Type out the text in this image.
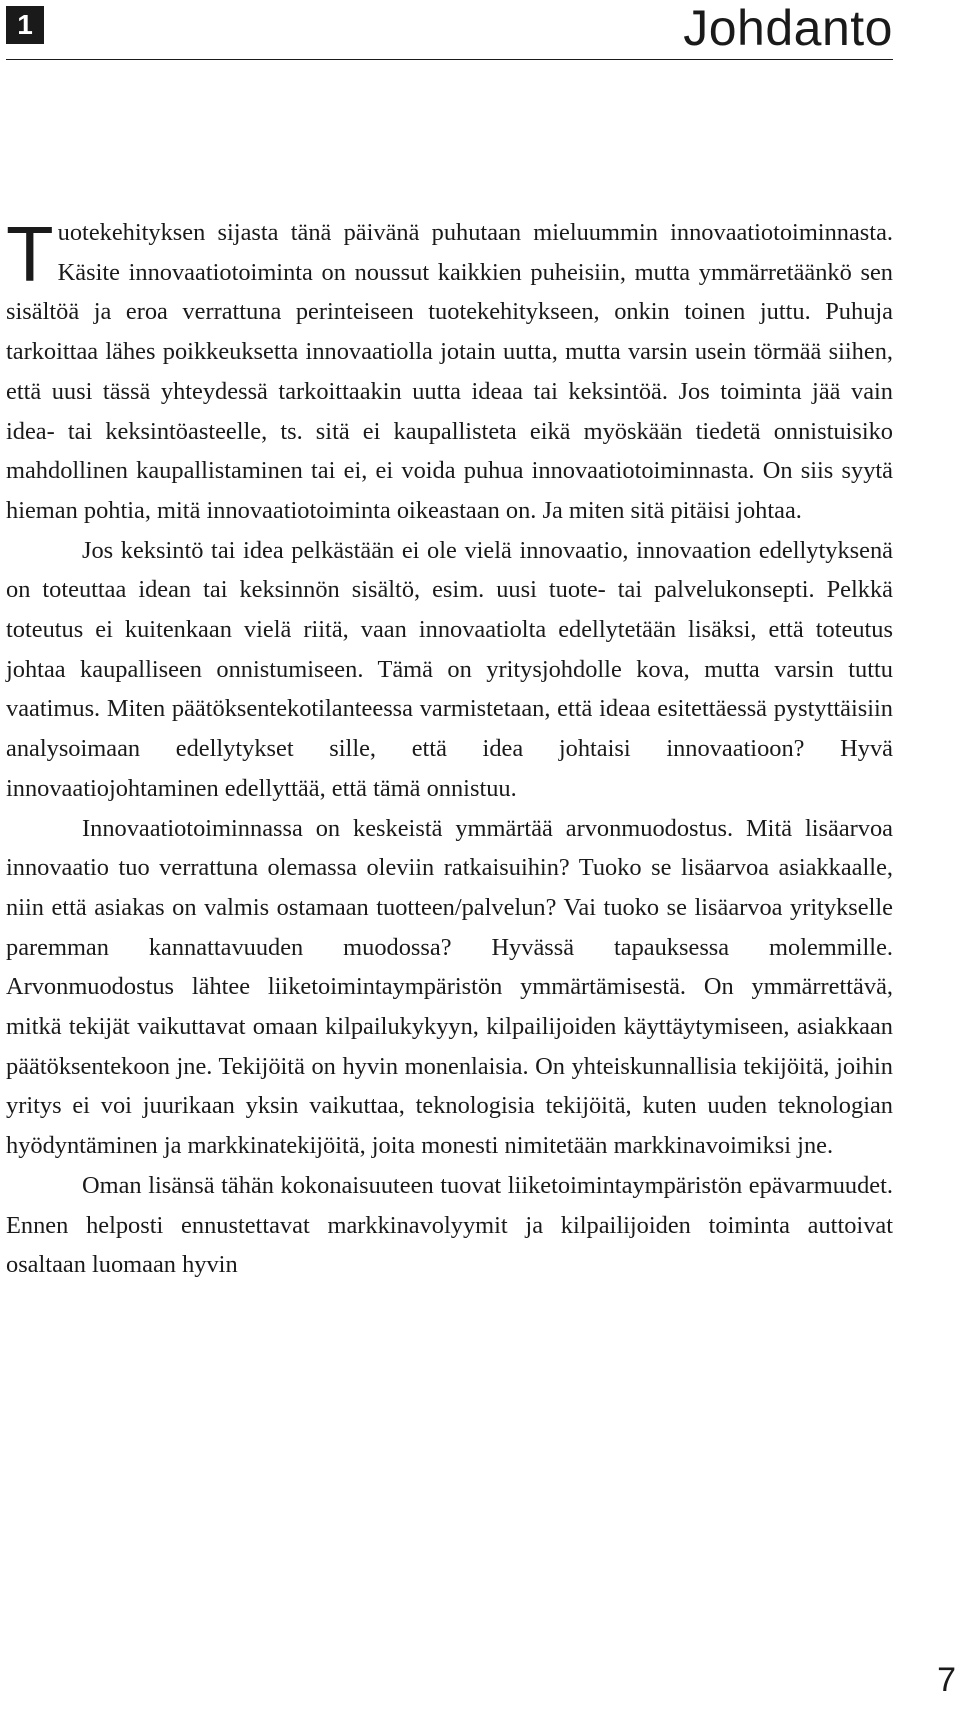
1	Johdanto

Tuotekehityksen sijasta tänä päivänä puhutaan mieluummin innovaatiotoiminnasta. Käsite innovaatiotoiminta on noussut kaikkien puheisiin, mutta ymmärretäänkö sen sisältöä ja eroa verrattuna perinteiseen tuotekehitykseen, onkin toinen juttu. Puhuja tarkoittaa lähes poikkeuksetta innovaatiolla jotain uutta, mutta varsin usein törmää siihen, että uusi tässä yhteydessä tarkoittaakin uutta ideaa tai keksintöä. Jos toiminta jää vain idea- tai keksintöasteelle, ts. sitä ei kaupallisteta eikä myöskään tiedetä onnistuisiko mahdollinen kaupallistaminen tai ei, ei voida puhua innovaatiotoiminnasta. On siis syytä hieman pohtia, mitä innovaatiotoiminta oikeastaan on. Ja miten sitä pitäisi johtaa.

Jos keksintö tai idea pelkästään ei ole vielä innovaatio, innovaation edellytyksenä on toteuttaa idean tai keksinnön sisältö, esim. uusi tuote- tai palvelukonsepti. Pelkkä toteutus ei kuitenkaan vielä riitä, vaan innovaatiolta edellytetään lisäksi, että toteutus johtaa kaupalliseen onnistumiseen. Tämä on yritysjohdolle kova, mutta varsin tuttu vaatimus. Miten päätöksentekotilanteessa varmistetaan, että ideaa esitettäessä pystyttäisiin analysoimaan edellytykset sille, että idea johtaisi innovaatioon? Hyvä innovaatiojohtaminen edellyttää, että tämä onnistuu.

Innovaatiotoiminnassa on keskeistä ymmärtää arvonmuodostus. Mitä lisäarvoa innovaatio tuo verrattuna olemassa oleviin ratkaisuihin? Tuoko se lisäarvoa asiakkaalle, niin että asiakas on valmis ostamaan tuotteen/palvelun? Vai tuoko se lisäarvoa yritykselle paremman kannattavuuden muodossa? Hyvässä tapauksessa molemmille. Arvonmuodostus lähtee liiketoimintaympäristön ymmärtämisestä. On ymmärrettävä, mitkä tekijät vaikuttavat omaan kilpailukykyyn, kilpailijoiden käyttäytymiseen, asiakkaan päätöksentekoon jne. Tekijöitä on hyvin monenlaisia. On yhteiskunnallisia tekijöitä, joihin yritys ei voi juurikaan yksin vaikuttaa, teknologisia tekijöitä, kuten uuden teknologian hyödyntäminen ja markkinatekijöitä, joita monesti nimitetään markkinavoimiksi jne.

Oman lisänsä tähän kokonaisuuteen tuovat liiketoimintaympäristön epävarmuudet. Ennen helposti ennustettavat markkinavolyymit ja kilpailijoiden toiminta auttoivat osaltaan luomaan hyvin

7
